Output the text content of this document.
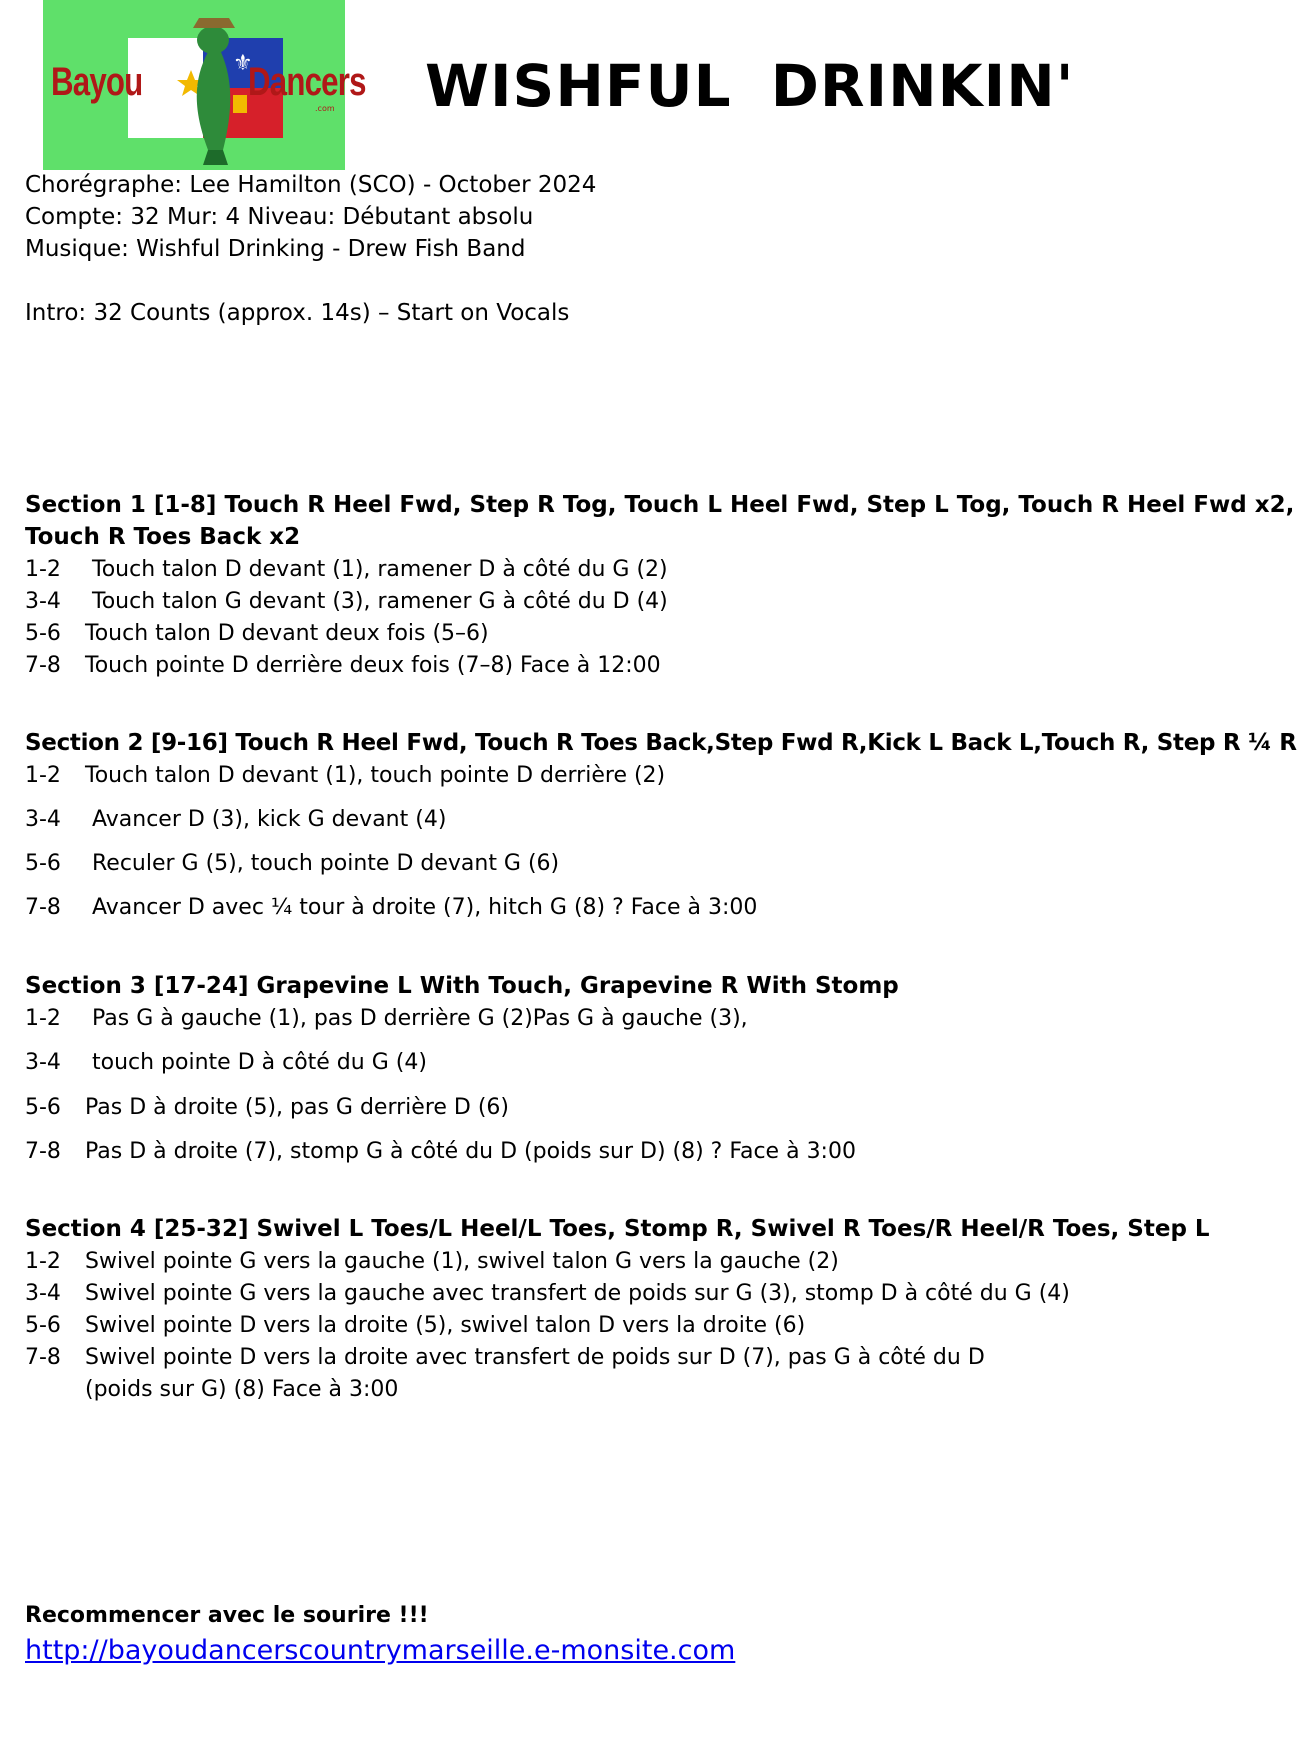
⚜
Bayou	Dancers
.com WISHFUL DRINKIN'
Chorégraphe: Lee Hamilton (SCO) - October 2024
Compte: 32 Mur: 4 Niveau: Débutant absolu
Musique: Wishful Drinking - Drew Fish Band
Intro: 32 Counts (approx. 14s) – Start on Vocals
Section 1 [1-8] Touch R Heel Fwd, Step R Tog, Touch L Heel Fwd, Step L Tog, Touch R Heel Fwd x2,
Touch R Toes Back x2
1-2 Touch talon D devant (1), ramener D à côté du G (2)
3-4 Touch talon G devant (3), ramener G à côté du D (4)
5-6 Touch talon D devant deux fois (5–6)
7-8 Touch pointe D derrière deux fois (7–8) Face à 12:00
Section 2 [9-16] Touch R Heel Fwd, Touch R Toes Back,Step Fwd R,Kick L Back L,Touch R, Step R ¼ R
1-2 Touch talon D devant (1), touch pointe D derrière (2)
3-4 Avancer D (3), kick G devant (4)
5-6 Reculer G (5), touch pointe D devant G (6)
7-8 Avancer D avec ¼ tour à droite (7), hitch G (8) ? Face à 3:00
Section 3 [17-24] Grapevine L With Touch, Grapevine R With Stomp
1-2 Pas G à gauche (1), pas D derrière G (2)Pas G à gauche (3),
3-4 touch pointe D à côté du G (4)
5-6 Pas D à droite (5), pas G derrière D (6)
7-8 Pas D à droite (7), stomp G à côté du D (poids sur D) (8) ? Face à 3:00
Section 4 [25-32] Swivel L Toes/L Heel/L Toes, Stomp R, Swivel R Toes/R Heel/R Toes, Step L
1-2 Swivel pointe G vers la gauche (1), swivel talon G vers la gauche (2)
3-4 Swivel pointe G vers la gauche avec transfert de poids sur G (3), stomp D à côté du G (4)
5-6 Swivel pointe D vers la droite (5), swivel talon D vers la droite (6)
7-8 Swivel pointe D vers la droite avec transfert de poids sur D (7), pas G à côté du D
(poids sur G) (8) Face à 3:00
Recommencer avec le sourire !!!
http://bayoudancerscountrymarseille.e-monsite.com
